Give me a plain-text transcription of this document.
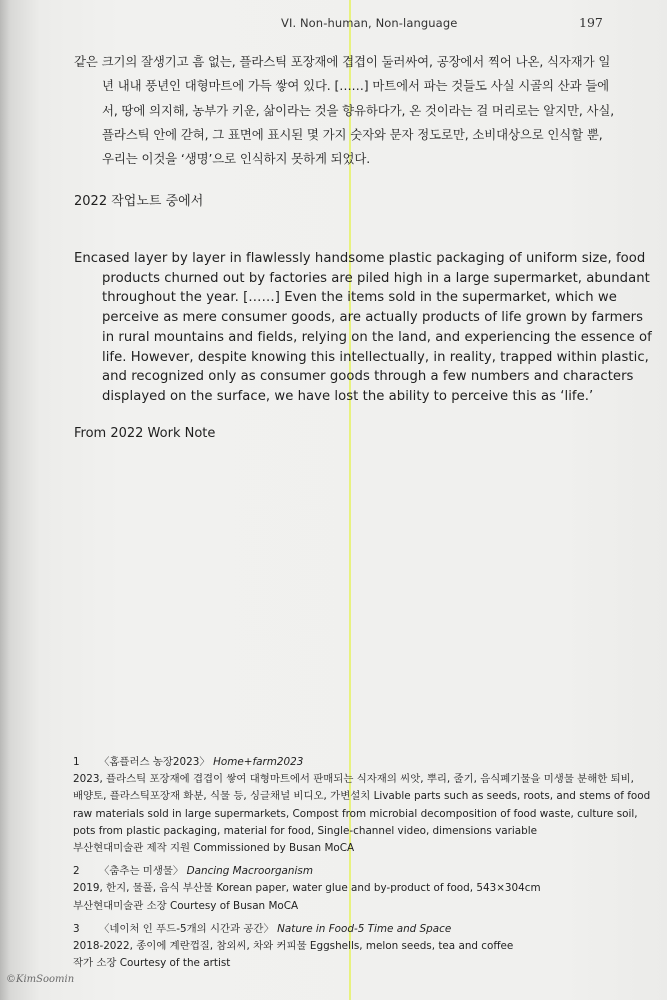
VI. Non-human, Non-language	197
같은 크기의 잘생기고 흠 없는, 플라스틱 포장재에 겹겹이 둘러싸여, 공장에서 찍어 나온, 식자재가 일
년 내내 풍년인 대형마트에 가득 쌓여 있다. [……] 마트에서 파는 것들도 사실 시골의 산과 들에
서, 땅에 의지해, 농부가 키운, 삶이라는 것을 향유하다가, 온 것이라는 걸 머리로는 알지만, 사실,
플라스틱 안에 갇혀, 그 표면에 표시된 몇 가지 숫자와 문자 정도로만, 소비대상으로 인식할 뿐,
우리는 이것을 ‘생명’으로 인식하지 못하게 되었다.
2022 작업노트 중에서
Encased layer by layer in flawlessly handsome plastic packaging of uniform size, food
products churned out by factories are piled high in a large supermarket, abundant
throughout the year. [……] Even the items sold in the supermarket, which we
perceive as mere consumer goods, are actually products of life grown by farmers
in rural mountains and fields, relying on the land, and experiencing the essence of
life. However, despite knowing this intellectually, in reality, trapped within plastic,
and recognized only as consumer goods through a few numbers and characters
displayed on the surface, we have lost the ability to perceive this as ‘life.’
From 2022 Work Note
1 〈홈플러스 농장2023〉 Home+farm2023
2023, 플라스틱 포장재에 겹겹이 쌓여 대형마트에서 판매되는 식자재의 씨앗, 뿌리, 줄기, 음식폐기물을 미생물 분해한 퇴비,
배양토, 플라스틱포장재 화분, 식물 등, 싱글채널 비디오, 가변설치 Livable parts such as seeds, roots, and stems of food
raw materials sold in large supermarkets, Compost from microbial decomposition of food waste, culture soil,
pots from plastic packaging, material for food, Single-channel video, dimensions variable
부산현대미술관 제작 지원 Commissioned by Busan MoCA
2 〈춤추는 미생물〉 Dancing Macroorganism
2019, 한지, 물풀, 음식 부산물 Korean paper, water glue and by-product of food, 543×304cm
부산현대미술관 소장 Courtesy of Busan MoCA
3 〈네이처 인 푸드-5개의 시간과 공간〉 Nature in Food-5 Time and Space
2018-2022, 종이에 계란껍질, 참외씨, 차와 커피물 Eggshells, melon seeds, tea and coffee
작가 소장 Courtesy of the artist
©KimSoomin
